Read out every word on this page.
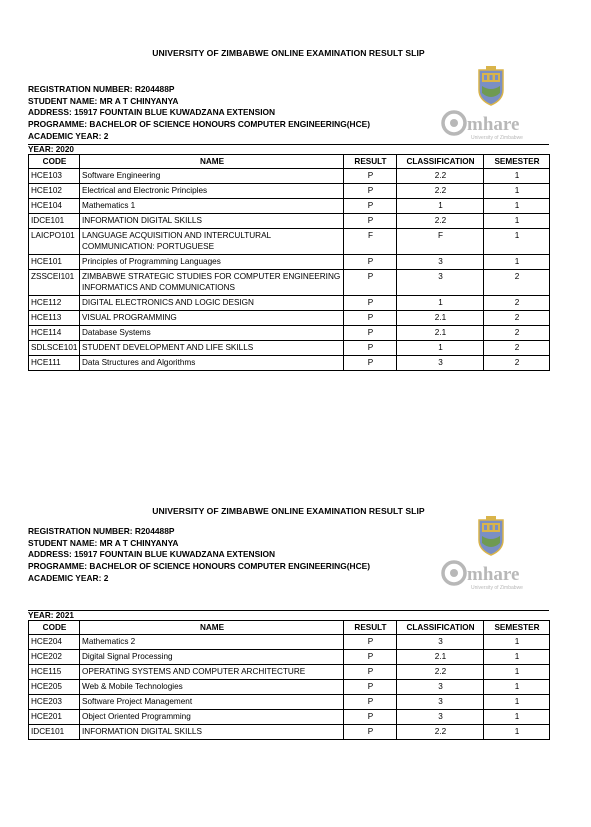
UNIVERSITY OF ZIMBABWE ONLINE EXAMINATION RESULT SLIP
REGISTRATION NUMBER: R204488P
STUDENT NAME: MR A T CHINYANYA
ADDRESS: 15917 FOUNTAIN BLUE KUWADZANA EXTENSION
PROGRAMME: BACHELOR OF SCIENCE HONOURS COMPUTER ENGINEERING(HCE)
ACADEMIC YEAR: 2
mhare
University of Zimbabwe
YEAR: 2020
CODE	NAME	RESULT	CLASSIFICATION	SEMESTER
HCE103	Software Engineering	P	2.2	1
HCE102	Electrical and Electronic Principles	P	2.2	1
HCE104	Mathematics 1	P	1	1
IDCE101	INFORMATION DIGITAL SKILLS	P	2.2	1
LAICPO101	LANGUAGE ACQUISITION AND INTERCULTURAL COMMUNICATION: PORTUGUESE	F	F	1
HCE101	Principles of Programming Languages	P	3	1
ZSSCEI101	ZIMBABWE STRATEGIC STUDIES FOR COMPUTER ENGINEERING INFORMATICS AND COMMUNICATIONS	P	3	2
HCE112	DIGITAL ELECTRONICS AND LOGIC DESIGN	P	1	2
HCE113	VISUAL PROGRAMMING	P	2.1	2
HCE114	Database Systems	P	2.1	2
SDLSCE101	STUDENT DEVELOPMENT AND LIFE SKILLS	P	1	2
HCE111	Data Structures and Algorithms	P	3	2
UNIVERSITY OF ZIMBABWE ONLINE EXAMINATION RESULT SLIP
REGISTRATION NUMBER: R204488P
STUDENT NAME: MR A T CHINYANYA
ADDRESS: 15917 FOUNTAIN BLUE KUWADZANA EXTENSION
PROGRAMME: BACHELOR OF SCIENCE HONOURS COMPUTER ENGINEERING(HCE)
ACADEMIC YEAR: 2	mhare
University of Zimbabwe
YEAR: 2021
CODE	NAME	RESULT	CLASSIFICATION	SEMESTER
HCE204	Mathematics 2	P	3	1
HCE202	Digital Signal Processing	P	2.1	1
HCE115	OPERATING SYSTEMS AND COMPUTER ARCHITECTURE	P	2.2	1
HCE205	Web & Mobile Technologies	P	3	1
HCE203	Software Project Management	P	3	1
HCE201	Object Oriented Programming	P	3	1
IDCE101	INFORMATION DIGITAL SKILLS	P	2.2	1
